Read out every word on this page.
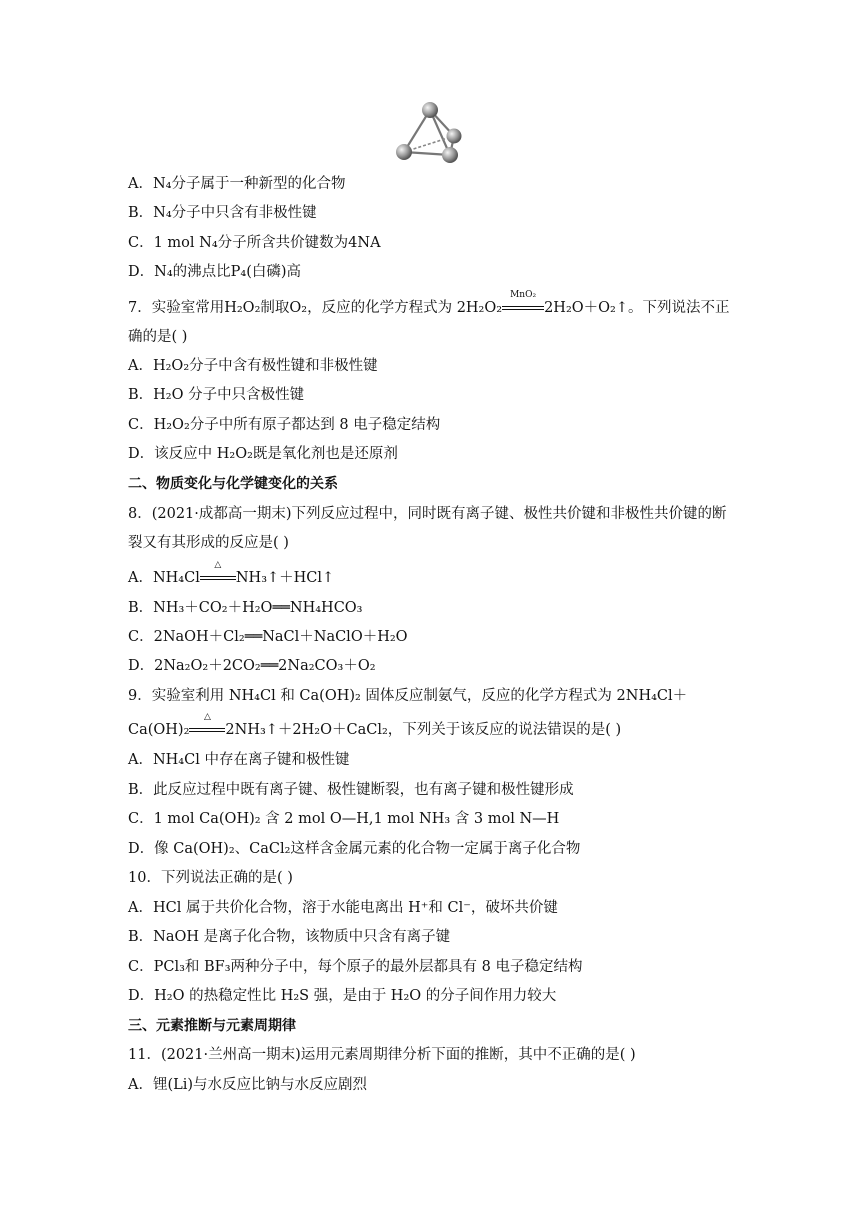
A．N₄分子属于一种新型的化合物
B．N₄分子中只含有非极性键
C．1 mol N₄分子所含共价键数为4NA
D．N₄的沸点比P₄(白磷)高
7．实验室常用H₂O₂制取O₂，反应的化学方程式为 2H₂O₂
MnO₂
2H₂O＋O₂↑。下列说法不正
确的是( )
A．H₂O₂分子中含有极性键和非极性键
B．H₂O 分子中只含极性键
C．H₂O₂分子中所有原子都达到 8 电子稳定结构
D．该反应中 H₂O₂既是氧化剂也是还原剂
二、物质变化与化学键变化的关系
8．(2021·成都高一期末)下列反应过程中，同时既有离子键、极性共价键和非极性共价键的断
裂又有其形成的反应是( )
A．NH₄Cl
△
NH₃↑＋HCl↑
B．NH₃＋CO₂＋H₂O══NH₄HCO₃
C．2NaOH＋Cl₂══NaCl＋NaClO＋H₂O
D．2Na₂O₂＋2CO₂══2Na₂CO₃＋O₂
9．实验室利用 NH₄Cl 和 Ca(OH)₂ 固体反应制氨气，反应的化学方程式为 2NH₄Cl＋
Ca(OH)₂
△
2NH₃↑＋2H₂O＋CaCl₂，下列关于该反应的说法错误的是( )
A．NH₄Cl 中存在离子键和极性键
B．此反应过程中既有离子键、极性键断裂，也有离子键和极性键形成
C．1 mol Ca(OH)₂ 含 2 mol O—H,1 mol NH₃ 含 3 mol N—H
D．像 Ca(OH)₂、CaCl₂这样含金属元素的化合物一定属于离子化合物
10．下列说法正确的是( )
A．HCl 属于共价化合物，溶于水能电离出 H⁺和 Cl⁻，破坏共价键
B．NaOH 是离子化合物，该物质中只含有离子键
C．PCl₃和 BF₃两种分子中，每个原子的最外层都具有 8 电子稳定结构
D．H₂O 的热稳定性比 H₂S 强，是由于 H₂O 的分子间作用力较大
三、元素推断与元素周期律
11．(2021·兰州高一期末)运用元素周期律分析下面的推断，其中不正确的是( )
A．锂(Li)与水反应比钠与水反应剧烈
